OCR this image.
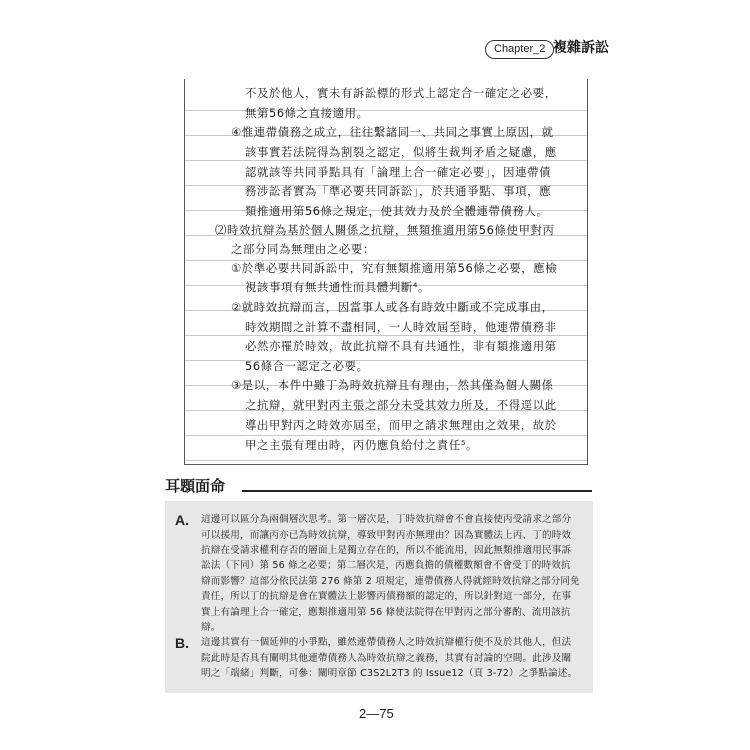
Chapter_2 複雜訴訟
不及於他人，實未有訴訟標的形式上認定合一確定之必要，
無第56條之直接適用。
④惟連帶債務之成立，往往繫諸同一、共同之事實上原因，就
該事實若法院得為割裂之認定，似將生裁判矛盾之疑慮，應
認就該等共同爭點具有「論理上合一確定必要」，因連帶債
務涉訟者實為「準必要共同訴訟」，於共通爭點、事項，應
類推適用第56條之規定，使其效力及於全體連帶債務人。
⑵時效抗辯為基於個人關係之抗辯，無類推適用第56條使甲對丙
之部分同為無理由之必要：
①於準必要共同訴訟中，究有無類推適用第56條之必要，應檢
視該事項有無共通性而具體判斷⁴。
②就時效抗辯而言，因當事人或各有時效中斷或不完成事由，
時效期間之計算不盡相同，一人時效屆至時，他連帶債務非
必然亦罹於時效，故此抗辯不具有共通性，非有類推適用第
56條合一認定之必要。
③是以，本件中雖丁為時效抗辯且有理由，然其僅為個人關係
之抗辯，就甲對丙主張之部分未受其效力所及，不得逕以此
導出甲對丙之時效亦屆至，而甲之請求無理由之效果，故於
甲之主張有理由時，丙仍應負給付之責任⁵。
耳顋面命
A. 這邊可以區分為兩個層次思考。第一層次是，丁時效抗辯會不會直接使丙受請求之部分
可以援用，而讓丙亦已為時效抗辯，導致甲對丙亦無理由？因為實體法上丙、丁的時效
抗辯在受請求權利存否的層面上是獨立存在的，所以不能流用，因此無類推適用民事訴
訟法（下同）第 56 條之必要；第二層次是，丙應負擔的債權數額會不會受丁的時效抗
辯而影響？這部分依民法第 276 條第 2 項規定，連帶債務人得就經時效抗辯之部分同免
責任，所以丁的抗辯是會在實體法上影響丙債務額的認定的，所以針對這一部分，在事
實上有論理上合一確定，應類推適用第 56 條使法院得在甲對丙之部分審酌、流用該抗
辯。
B. 這邊其實有一個延伸的小爭點，雖然連帶債務人之時效抗辯權行使不及於其他人，但法
院此時是否具有闡明其他連帶債務人為時效抗辯之義務，其實有討論的空間。此涉及闡
明之「端緒」判斷，可參：闡明章節 C3S2L2T3 的 Issue12（頁 3-72）之爭點論述。
2—75
